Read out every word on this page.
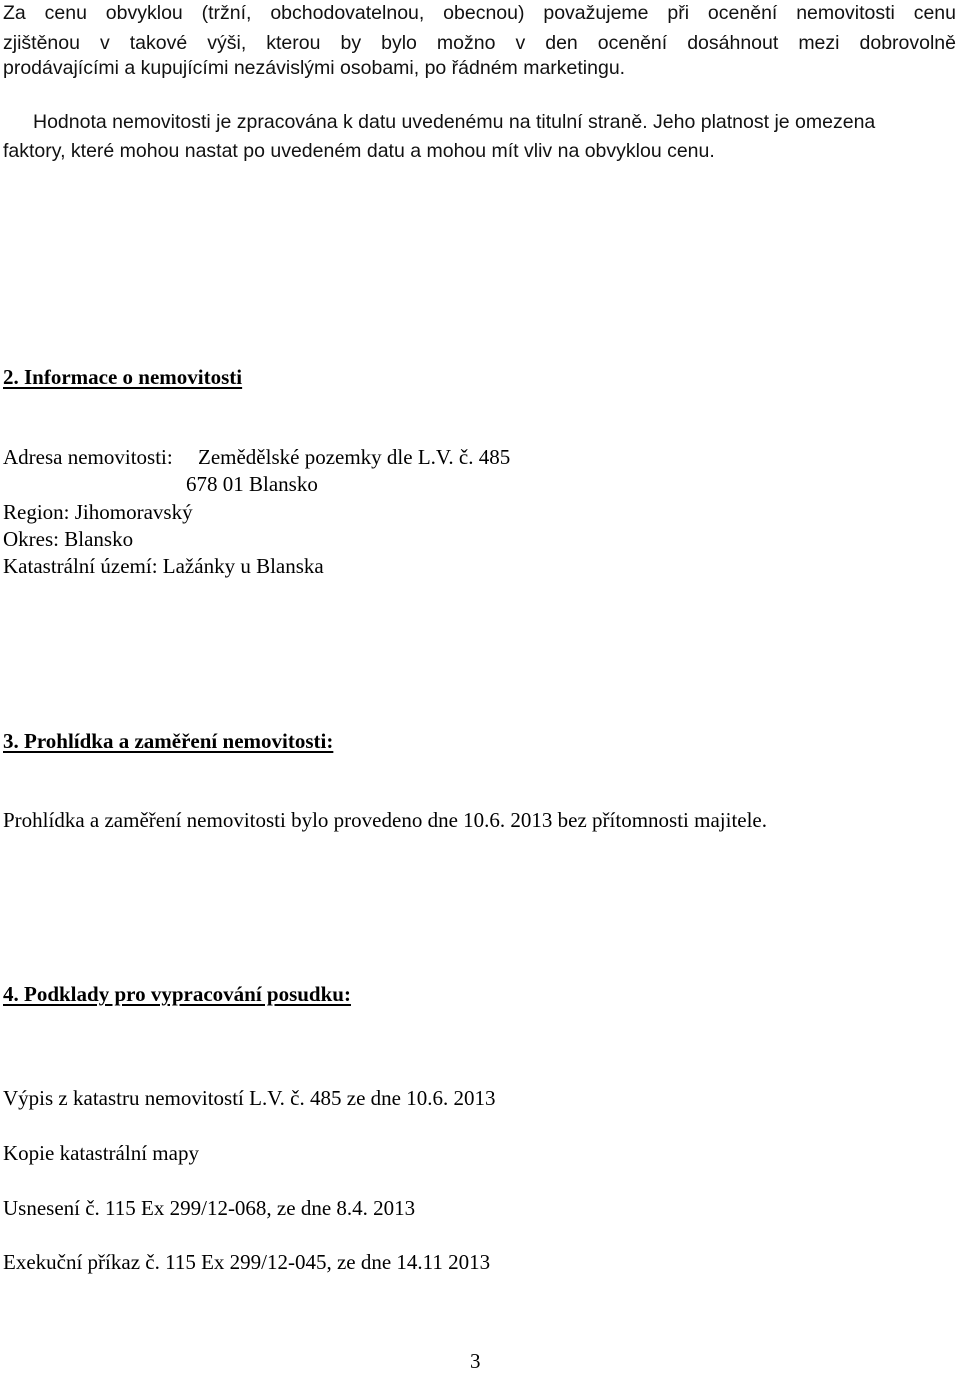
Za cenu obvyklou (tržní, obchodovatelnou, obecnou) považujeme při ocenění nemovitosti cenu
zjištěnou v takové výši, kterou by bylo možno v den ocenění dosáhnout mezi dobrovolně
prodávajícími a kupujícími nezávislými osobami, po řádném marketingu.
Hodnota nemovitosti je zpracována k datu uvedenému na titulní straně. Jeho platnost je omezena
faktory, které mohou nastat po uvedeném datu a mohou mít vliv na obvyklou cenu.
2. Informace o nemovitosti
Adresa nemovitosti: Zemědělské pozemky dle L.V. č. 485
678 01 Blansko
Region: Jihomoravský
Okres: Blansko
Katastrální území: Lažánky u Blanska
3. Prohlídka a zaměření nemovitosti:
Prohlídka a zaměření nemovitosti bylo provedeno dne 10.6. 2013 bez přítomnosti majitele.
4. Podklady pro vypracování posudku:
Výpis z katastru nemovitostí L.V. č. 485 ze dne 10.6. 2013
Kopie katastrální mapy
Usnesení č. 115 Ex 299/12-068, ze dne 8.4. 2013
Exekuční příkaz č. 115 Ex 299/12-045, ze dne 14.11 2013
3
